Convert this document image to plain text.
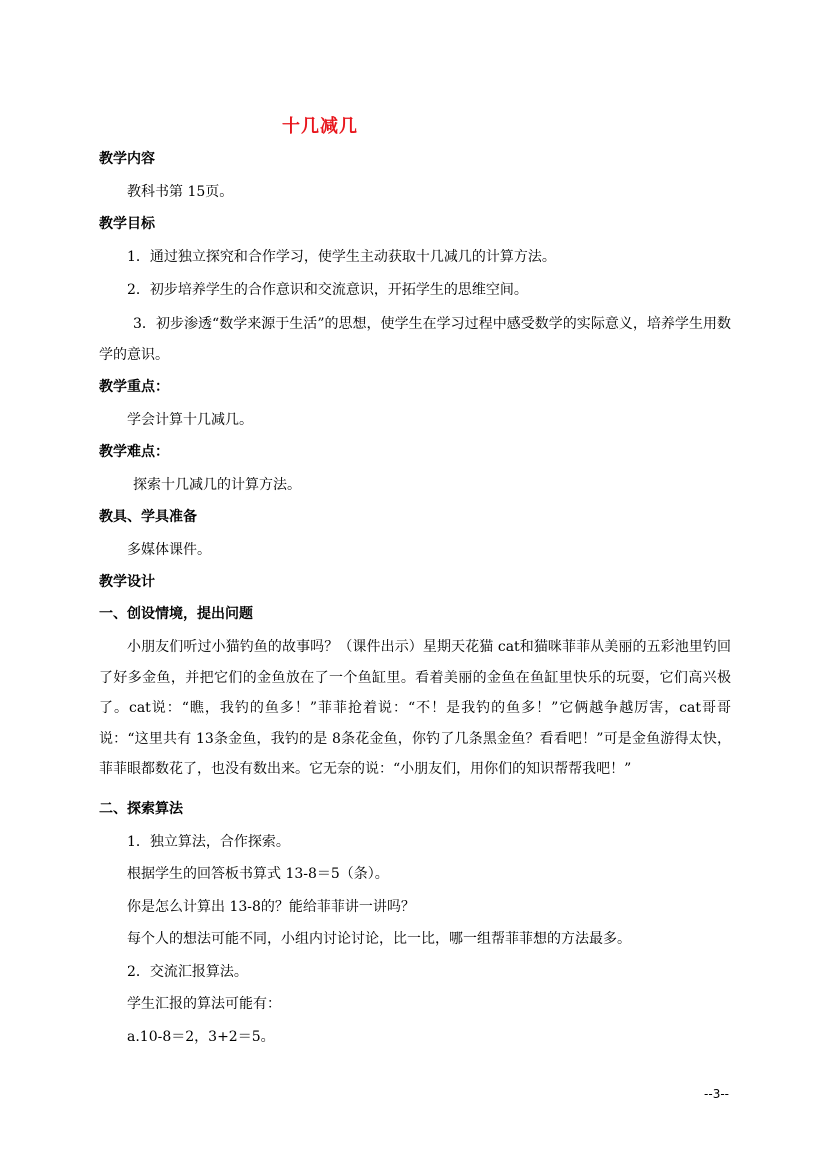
十几减几
教学内容
教科书第 15页。
教学目标
1．通过独立探究和合作学习，使学生主动获取十几减几的计算方法。
2．初步培养学生的合作意识和交流意识，开拓学生的思维空间。
3．初步渗透“数学来源于生活”的思想，使学生在学习过程中感受数学的实际意义，培养学生用数学的意识。
教学重点：
学会计算十几减几。
教学难点：
探索十几减几的计算方法。
教具、学具准备
多媒体课件。
教学设计
一、创设情境，提出问题
小朋友们听过小猫钓鱼的故事吗？（课件出示）星期天花猫 cat和猫咪菲菲从美丽的五彩池里钓回了好多金鱼，并把它们的金鱼放在了一个鱼缸里。看着美丽的金鱼在鱼缸里快乐的玩耍，它们高兴极了。cat说：“瞧，我钓的鱼多！”菲菲抢着说：“不！是我钓的鱼多！”它俩越争越厉害，cat哥哥说：“这里共有 13条金鱼，我钓的是 8条花金鱼，你钓了几条黑金鱼？看看吧！”可是金鱼游得太快，菲菲眼都数花了，也没有数出来。它无奈的说：“小朋友们，用你们的知识帮帮我吧！”
二、探索算法
1．独立算法，合作探索。
根据学生的回答板书算式 13-8＝5（条）。
你是怎么计算出 13-8的？能给菲菲讲一讲吗？
每个人的想法可能不同，小组内讨论讨论，比一比，哪一组帮菲菲想的方法最多。
2．交流汇报算法。
学生汇报的算法可能有：
a.10-8＝2，3+2＝5。
--3--
